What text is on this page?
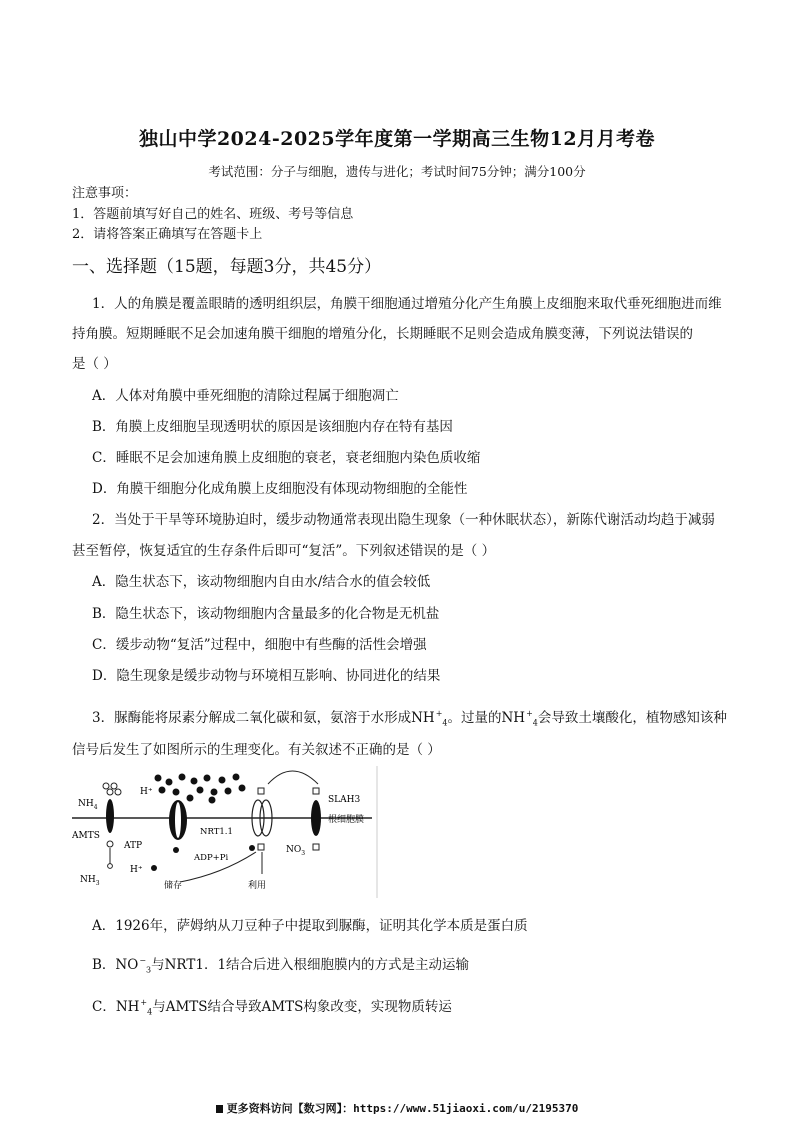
独山中学2024-2025学年度第一学期高三生物12月月考卷
考试范围：分子与细胞，遗传与进化；考试时间75分钟；满分100分
注意事项：
1．答题前填写好自己的姓名、班级、考号等信息
2．请将答案正确填写在答题卡上
一、选择题（15题，每题3分，共45分）
1．人的角膜是覆盖眼睛的透明组织层，角膜干细胞通过增殖分化产生角膜上皮细胞来取代垂死细胞进而维
持角膜。短期睡眠不足会加速角膜干细胞的增殖分化，长期睡眠不足则会造成角膜变薄，下列说法错误的
是（ ）
A．人体对角膜中垂死细胞的清除过程属于细胞凋亡
B．角膜上皮细胞呈现透明状的原因是该细胞内存在特有基因
C．睡眠不足会加速角膜上皮细胞的衰老，衰老细胞内染色质收缩
D．角膜干细胞分化成角膜上皮细胞没有体现动物细胞的全能性
2．当处于干旱等环境胁迫时，缓步动物通常表现出隐生现象（一种休眠状态），新陈代谢活动均趋于减弱
甚至暂停，恢复适宜的生存条件后即可“复活”。下列叙述错误的是（ ）
A．隐生状态下，该动物细胞内自由水/结合水的值会较低
B．隐生状态下，该动物细胞内含量最多的化合物是无机盐
C．缓步动物“复活”过程中，细胞中有些酶的活性会增强
D．隐生现象是缓步动物与环境相互影响、协同进化的结果
3．脲酶能将尿素分解成二氧化碳和氨，氨溶于水形成$NH^+_4$。过量的$NH^+_4$会导致土壤酸化，植物感知该种
信号后发生了如图所示的生理变化。有关叙述不正确的是（ ）
$NH_4$
AMTS
$NH_3$
H⁺
ATP
ADP+Pi
H⁺
NRT1.1
利用
储存
SLAH3
根细胞膜
$NO_3$
A．1926年，萨姆纳从刀豆种子中提取到脲酶，证明其化学本质是蛋白质
B．$NO^-_3$与NRT1．1结合后进入根细胞膜内的方式是主动运输
C．$NH^+_4$与AMTS结合导致AMTS构象改变，实现物质转运
更多资料访问【数习网】：https://www.51jiaoxi.com/u/2195370
